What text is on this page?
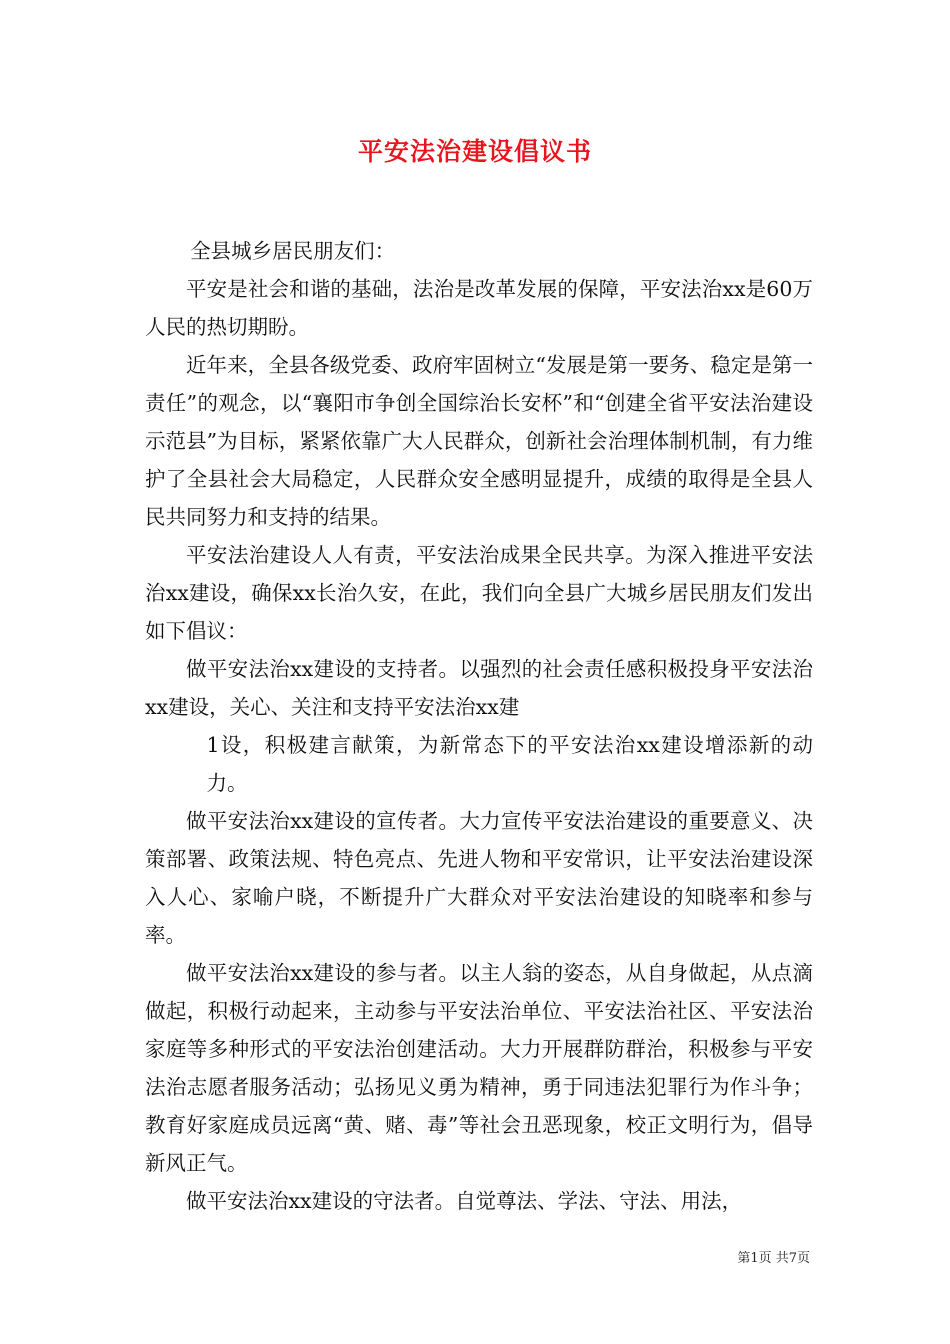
平安法治建设倡议书

全县城乡居民朋友们：

平安是社会和谐的基础，法治是改革发展的保障，平安法治xx是60万人民的热切期盼。

近年来，全县各级党委、政府牢固树立“发展是第一要务、稳定是第一责任”的观念，以“襄阳市争创全国综治长安杯”和“创建全省平安法治建设示范县”为目标，紧紧依靠广大人民群众，创新社会治理体制机制，有力维护了全县社会大局稳定，人民群众安全感明显提升，成绩的取得是全县人民共同努力和支持的结果。

平安法治建设人人有责，平安法治成果全民共享。为深入推进平安法治xx建设，确保xx长治久安，在此，我们向全县广大城乡居民朋友们发出如下倡议：

做平安法治xx建设的支持者。以强烈的社会责任感积极投身平安法治xx建设，关心、关注和支持平安法治xx建

1设，积极建言献策，为新常态下的平安法治xx建设增添新的动力。

做平安法治xx建设的宣传者。大力宣传平安法治建设的重要意义、决策部署、政策法规、特色亮点、先进人物和平安常识，让平安法治建设深入人心、家喻户晓，不断提升广大群众对平安法治建设的知晓率和参与率。

做平安法治xx建设的参与者。以主人翁的姿态，从自身做起，从点滴做起，积极行动起来，主动参与平安法治单位、平安法治社区、平安法治家庭等多种形式的平安法治创建活动。大力开展群防群治，积极参与平安法治志愿者服务活动；弘扬见义勇为精神，勇于同违法犯罪行为作斗争；教育好家庭成员远离“黄、赌、毒”等社会丑恶现象，校正文明行为，倡导新风正气。

做平安法治xx建设的守法者。自觉尊法、学法、守法、用法，

第1页 共7页
